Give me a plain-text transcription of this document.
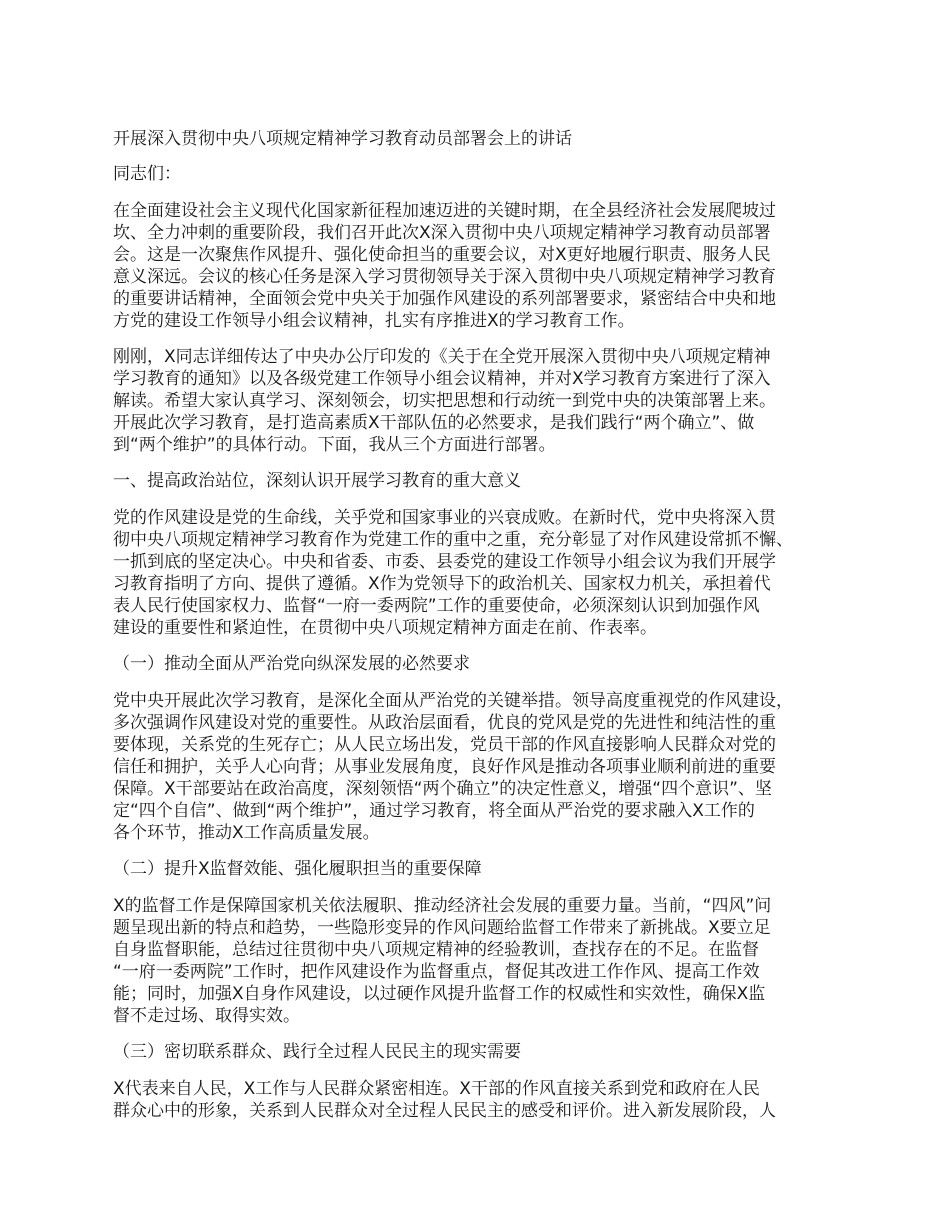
开展深入贯彻中央八项规定精神学习教育动员部署会上的讲话
同志们：
在全面建设社会主义现代化国家新征程加速迈进的关键时期，在全县经济社会发展爬坡过
坎、全力冲刺的重要阶段，我们召开此次X深入贯彻中央八项规定精神学习教育动员部署
会。这是一次聚焦作风提升、强化使命担当的重要会议，对X更好地履行职责、服务人民
意义深远。会议的核心任务是深入学习贯彻领导关于深入贯彻中央八项规定精神学习教育
的重要讲话精神，全面领会党中央关于加强作风建设的系列部署要求，紧密结合中央和地
方党的建设工作领导小组会议精神，扎实有序推进X的学习教育工作。
刚刚，X同志详细传达了中央办公厅印发的《关于在全党开展深入贯彻中央八项规定精神
学习教育的通知》以及各级党建工作领导小组会议精神，并对X学习教育方案进行了深入
解读。希望大家认真学习、深刻领会，切实把思想和行动统一到党中央的决策部署上来。
开展此次学习教育，是打造高素质X干部队伍的必然要求，是我们践行“两个确立”、做
到“两个维护”的具体行动。下面，我从三个方面进行部署。
一、提高政治站位，深刻认识开展学习教育的重大意义
党的作风建设是党的生命线，关乎党和国家事业的兴衰成败。在新时代，党中央将深入贯
彻中央八项规定精神学习教育作为党建工作的重中之重，充分彰显了对作风建设常抓不懈、
一抓到底的坚定决心。中央和省委、市委、县委党的建设工作领导小组会议为我们开展学
习教育指明了方向、提供了遵循。X作为党领导下的政治机关、国家权力机关，承担着代
表人民行使国家权力、监督“一府一委两院”工作的重要使命，必须深刻认识到加强作风
建设的重要性和紧迫性，在贯彻中央八项规定精神方面走在前、作表率。
（一）推动全面从严治党向纵深发展的必然要求
党中央开展此次学习教育，是深化全面从严治党的关键举措。领导高度重视党的作风建设，
多次强调作风建设对党的重要性。从政治层面看，优良的党风是党的先进性和纯洁性的重
要体现，关系党的生死存亡；从人民立场出发，党员干部的作风直接影响人民群众对党的
信任和拥护，关乎人心向背；从事业发展角度，良好作风是推动各项事业顺利前进的重要
保障。X干部要站在政治高度，深刻领悟“两个确立”的决定性意义，增强“四个意识”、坚
定“四个自信”、做到“两个维护”，通过学习教育，将全面从严治党的要求融入X工作的
各个环节，推动X工作高质量发展。
（二）提升X监督效能、强化履职担当的重要保障
X的监督工作是保障国家机关依法履职、推动经济社会发展的重要力量。当前，“四风”问
题呈现出新的特点和趋势，一些隐形变异的作风问题给监督工作带来了新挑战。X要立足
自身监督职能，总结过往贯彻中央八项规定精神的经验教训，查找存在的不足。在监督
“一府一委两院”工作时，把作风建设作为监督重点，督促其改进工作作风、提高工作效
能；同时，加强X自身作风建设，以过硬作风提升监督工作的权威性和实效性，确保X监
督不走过场、取得实效。
（三）密切联系群众、践行全过程人民民主的现实需要
X代表来自人民，X工作与人民群众紧密相连。X干部的作风直接关系到党和政府在人民
群众心中的形象，关系到人民群众对全过程人民民主的感受和评价。进入新发展阶段，人
